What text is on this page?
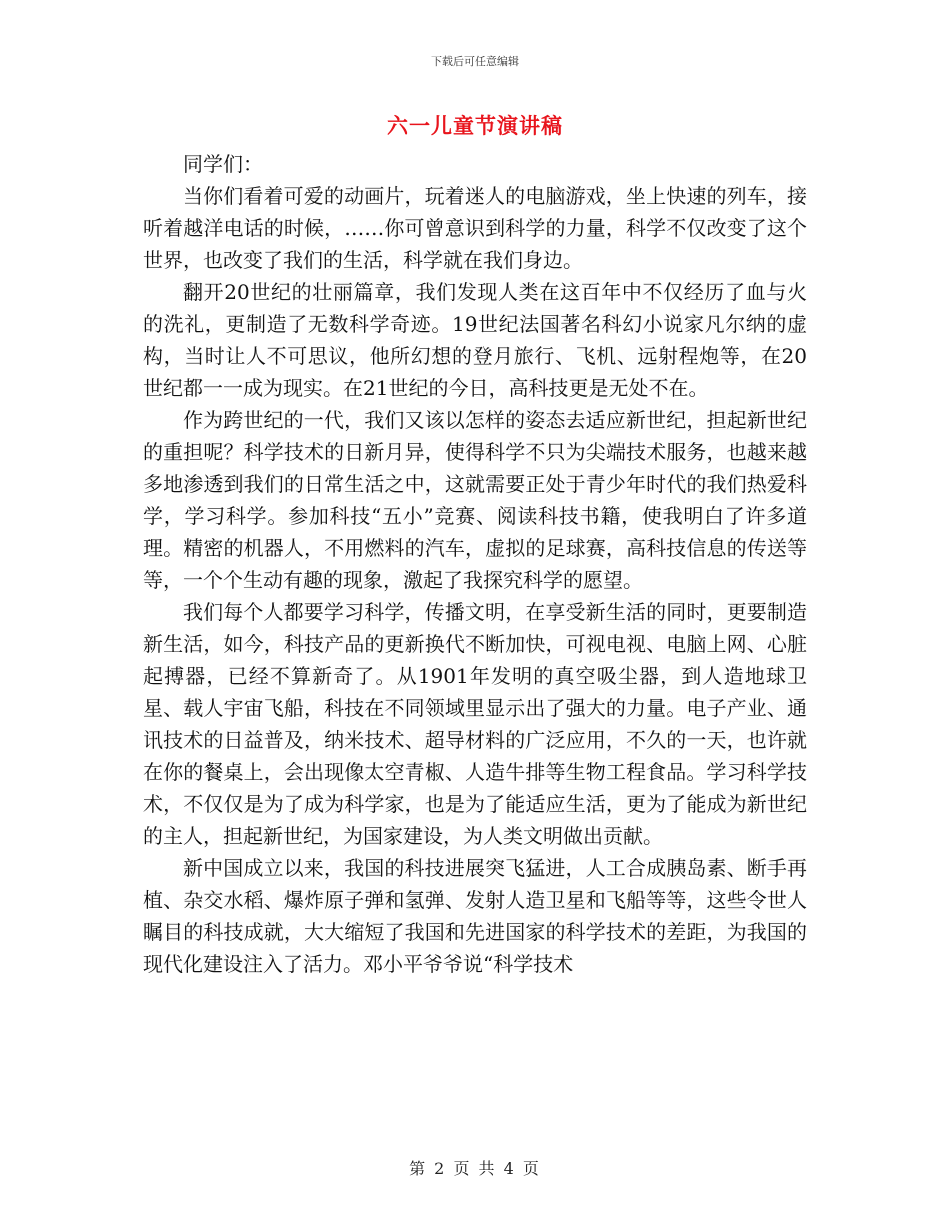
下载后可任意编辑
六一儿童节演讲稿

同学们：

当你们看着可爱的动画片，玩着迷人的电脑游戏，坐上快速的列车，接听着越洋电话的时候，……你可曾意识到科学的力量，科学不仅改变了这个世界，也改变了我们的生活，科学就在我们身边。

翻开20世纪的壮丽篇章，我们发现人类在这百年中不仅经历了血与火的洗礼，更制造了无数科学奇迹。19世纪法国著名科幻小说家凡尔纳的虚构，当时让人不可思议，他所幻想的登月旅行、飞机、远射程炮等，在20世纪都一一成为现实。在21世纪的今日，高科技更是无处不在。

作为跨世纪的一代，我们又该以怎样的姿态去适应新世纪，担起新世纪的重担呢？科学技术的日新月异，使得科学不只为尖端技术服务，也越来越多地渗透到我们的日常生活之中，这就需要正处于青少年时代的我们热爱科学，学习科学。参加科技“五小”竞赛、阅读科技书籍，使我明白了许多道理。精密的机器人，不用燃料的汽车，虚拟的足球赛，高科技信息的传送等等，一个个生动有趣的现象，激起了我探究科学的愿望。

我们每个人都要学习科学，传播文明，在享受新生活的同时，更要制造新生活，如今，科技产品的更新换代不断加快，可视电视、电脑上网、心脏起搏器，已经不算新奇了。从1901年发明的真空吸尘器，到人造地球卫星、载人宇宙飞船，科技在不同领域里显示出了强大的力量。电子产业、通讯技术的日益普及，纳米技术、超导材料的广泛应用，不久的一天，也许就在你的餐桌上，会出现像太空青椒、人造牛排等生物工程食品。学习科学技术，不仅仅是为了成为科学家，也是为了能适应生活，更为了能成为新世纪的主人，担起新世纪，为国家建设，为人类文明做出贡献。

新中国成立以来，我国的科技进展突飞猛进，人工合成胰岛素、断手再植、杂交水稻、爆炸原子弹和氢弹、发射人造卫星和飞船等等，这些令世人瞩目的科技成就，大大缩短了我国和先进国家的科学技术的差距，为我国的现代化建设注入了活力。邓小平爷爷说“科学技术

第 2 页 共 4 页
